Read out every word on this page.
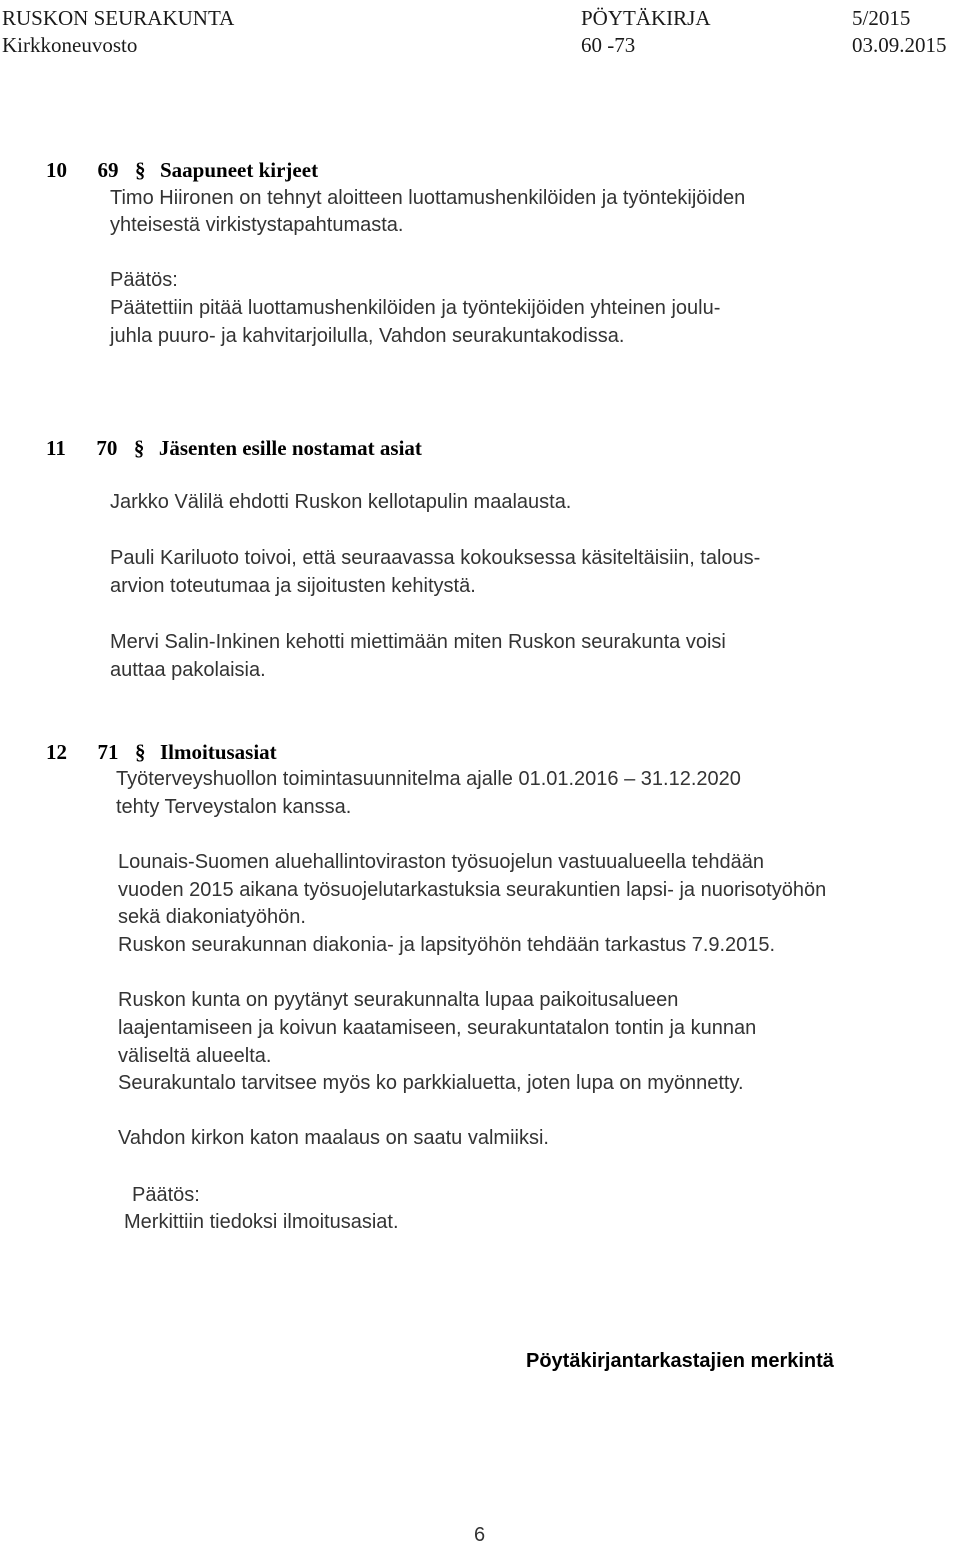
RUSKON SEURAKUNTA	PÖYTÄKIRJA	5/2015
Kirkkoneuvosto	60 -73	03.09.2015
10 69 § Saapuneet kirjeet
Timo Hiironen on tehnyt aloitteen luottamushenkilöiden ja työntekijöiden
yhteisestä virkistystapahtumasta.
Päätös:
Päätettiin pitää luottamushenkilöiden ja työntekijöiden yhteinen joulu-
juhla puuro- ja kahvitarjoilulla, Vahdon seurakuntakodissa.
11 70 § Jäsenten esille nostamat asiat
Jarkko Välilä ehdotti Ruskon kellotapulin maalausta.
Pauli Kariluoto toivoi, että seuraavassa kokouksessa käsiteltäisiin, talous-
arvion toteutumaa ja sijoitusten kehitystä.
Mervi Salin-Inkinen kehotti miettimään miten Ruskon seurakunta voisi
auttaa pakolaisia.
12 71 § Ilmoitusasiat
Työterveyshuollon toimintasuunnitelma ajalle 01.01.2016 – 31.12.2020
tehty Terveystalon kanssa.
Lounais-Suomen aluehallintoviraston työsuojelun vastuualueella tehdään
vuoden 2015 aikana työsuojelutarkastuksia seurakuntien lapsi- ja nuorisotyöhön
sekä diakoniatyöhön.
Ruskon seurakunnan diakonia- ja lapsityöhön tehdään tarkastus 7.9.2015.
Ruskon kunta on pyytänyt seurakunnalta lupaa paikoitusalueen
laajentamiseen ja koivun kaatamiseen, seurakuntatalon tontin ja kunnan
väliseltä alueelta.
Seurakuntalo tarvitsee myös ko parkkialuetta, joten lupa on myönnetty.
Vahdon kirkon katon maalaus on saatu valmiiksi.
Päätös:
Merkittiin tiedoksi ilmoitusasiat.
Pöytäkirjantarkastajien merkintä
6
